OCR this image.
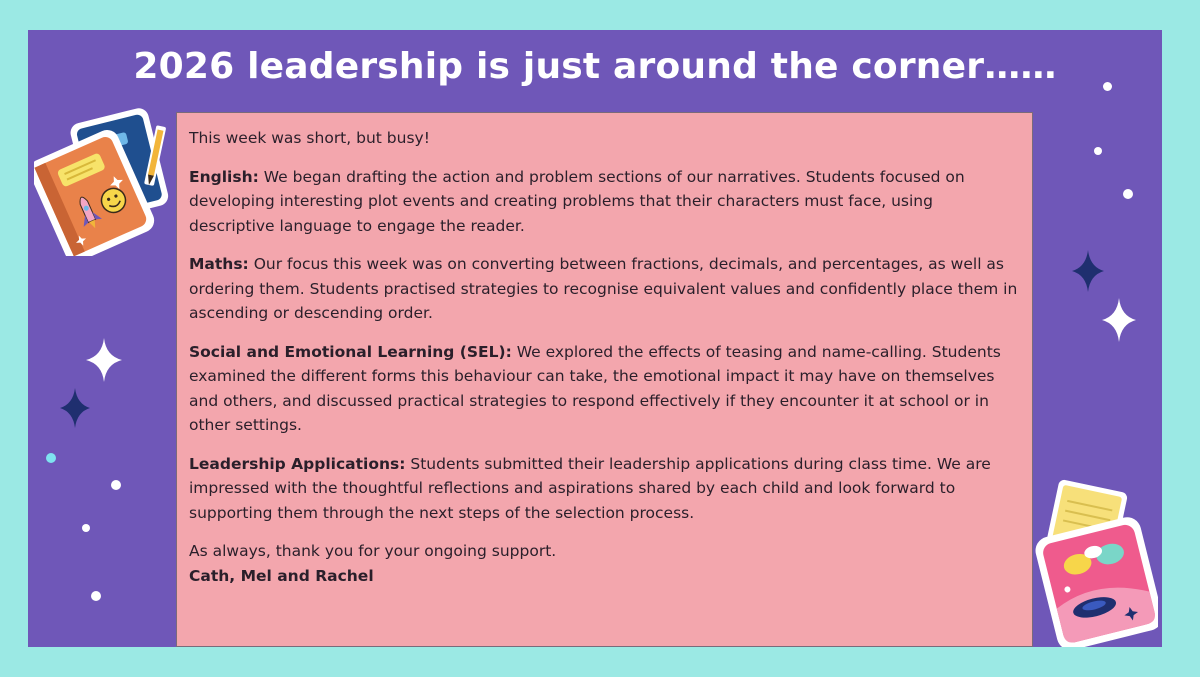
2026 leadership is just around the corner……

This week was short, but busy!

English: We began drafting the action and problem sections of our narratives. Students focused on developing interesting plot events and creating problems that their characters must face, using descriptive language to engage the reader.

Maths: Our focus this week was on converting between fractions, decimals, and percentages, as well as ordering them. Students practised strategies to recognise equivalent values and confidently place them in ascending or descending order.

Social and Emotional Learning (SEL): We explored the effects of teasing and name-calling. Students examined the different forms this behaviour can take, the emotional impact it may have on themselves and others, and discussed practical strategies to respond effectively if they encounter it at school or in other settings.

Leadership Applications: Students submitted their leadership applications during class time. We are impressed with the thoughtful reflections and aspirations shared by each child and look forward to supporting them through the next steps of the selection process.

As always, thank you for your ongoing support.
Cath, Mel and Rachel
